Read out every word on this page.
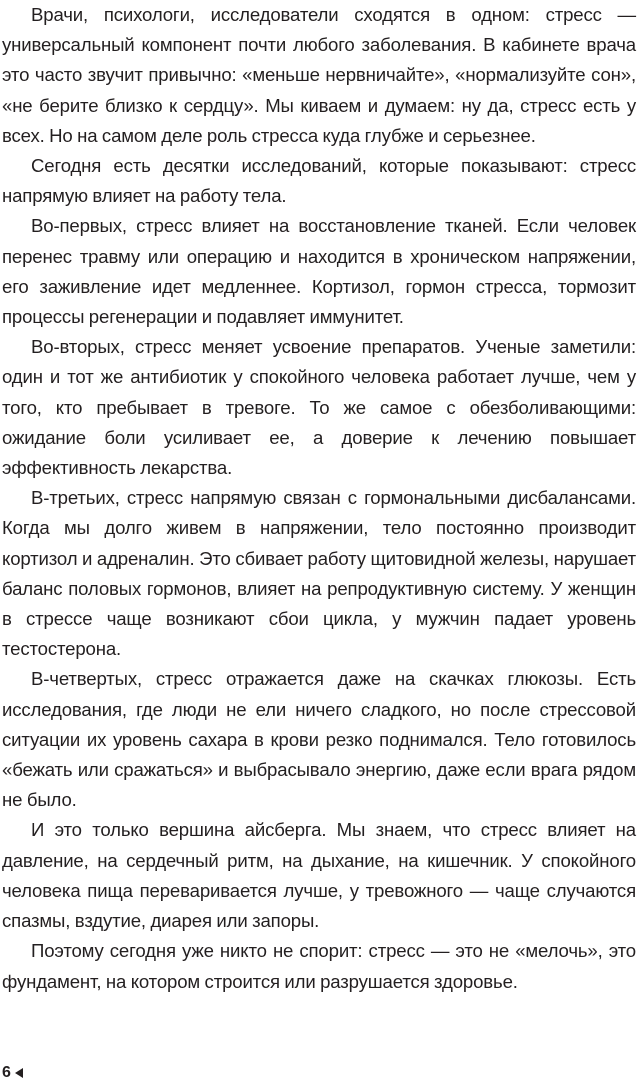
Врачи, психологи, исследователи сходятся в одном: стресс — универсальный компонент почти любого заболевания. В кабинете врача это часто звучит привычно: «меньше нервничайте», «нормализуйте сон», «не берите близко к сердцу». Мы киваем и думаем: ну да, стресс есть у всех. Но на самом деле роль стресса куда глубже и серьезнее.

Сегодня есть десятки исследований, которые показывают: стресс напрямую влияет на работу тела.

Во-первых, стресс влияет на восстановление тканей. Если человек перенес травму или операцию и находится в хроническом напряжении, его заживление идет медленнее. Кортизол, гормон стресса, тормозит процессы регенерации и подавляет иммунитет.

Во-вторых, стресс меняет усвоение препаратов. Ученые заметили: один и тот же антибиотик у спокойного человека работает лучше, чем у того, кто пребывает в тревоге. То же самое с обезболивающими: ожидание боли усиливает ее, а доверие к лечению повышает эффективность лекарства.

В-третьих, стресс напрямую связан с гормональными дисбалансами. Когда мы долго живем в напряжении, тело постоянно производит кортизол и адреналин. Это сбивает работу щитовидной железы, нарушает баланс половых гормонов, влияет на репродуктивную систему. У женщин в стрессе чаще возникают сбои цикла, у мужчин падает уровень тестостерона.

В-четвертых, стресс отражается даже на скачках глюкозы. Есть исследования, где люди не ели ничего сладкого, но после стрессовой ситуации их уровень сахара в крови резко поднимался. Тело готовилось «бежать или сражаться» и выбрасывало энергию, даже если врага рядом не было.

И это только вершина айсберга. Мы знаем, что стресс влияет на давление, на сердечный ритм, на дыхание, на кишечник. У спокойного человека пища переваривается лучше, у тревожного — чаще случаются спазмы, вздутие, диарея или запоры.

Поэтому сегодня уже никто не спорит: стресс — это не «мелочь», это фундамент, на котором строится или разрушается здоровье.

6
